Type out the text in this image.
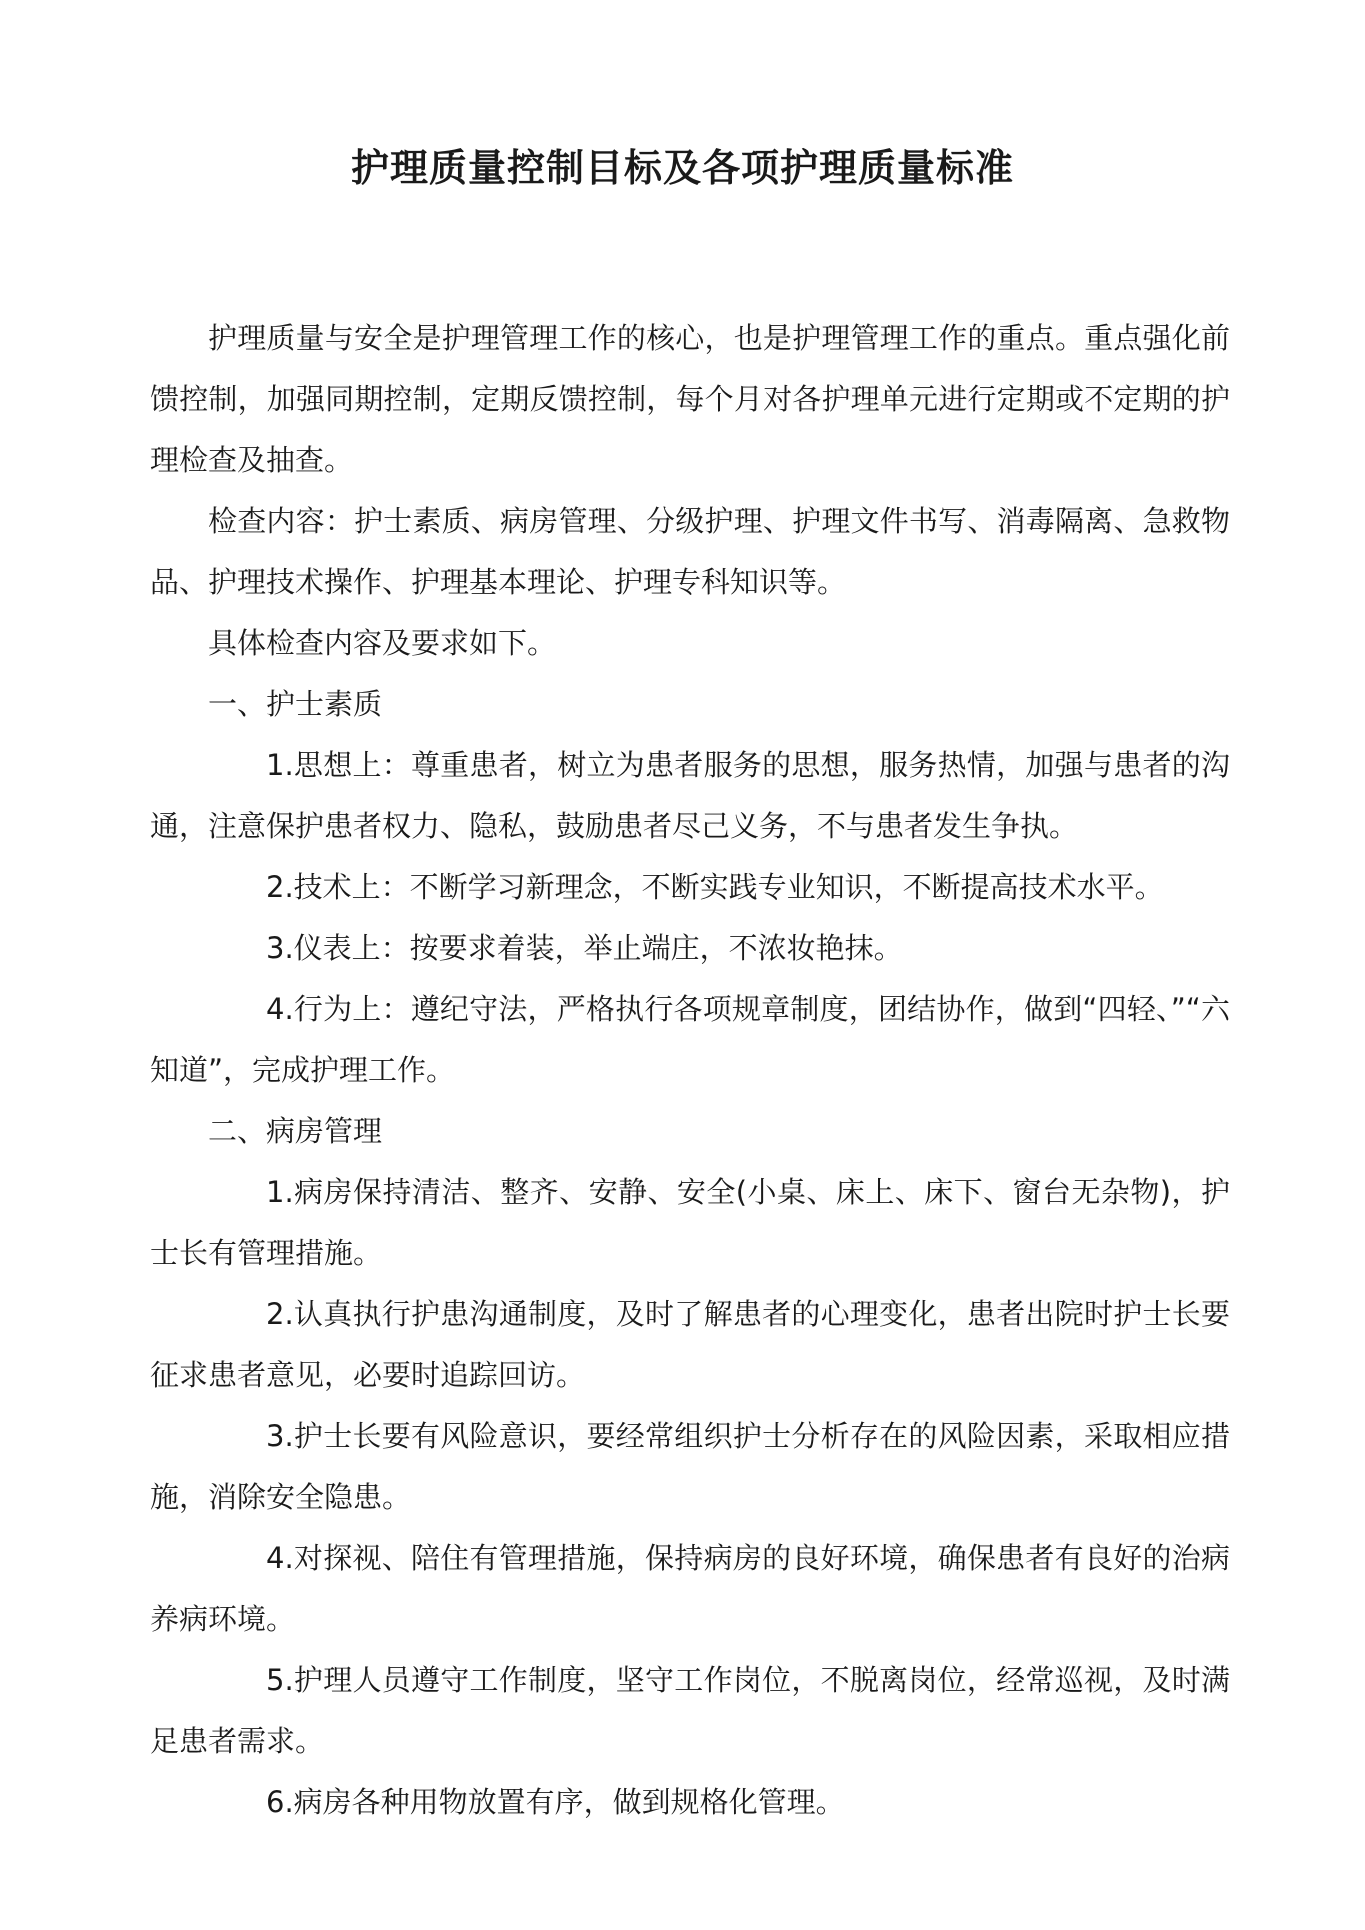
护理质量控制目标及各项护理质量标准

护理质量与安全是护理管理工作的核心，也是护理管理工作的重点。重点强化前馈控制，加强同期控制，定期反馈控制，每个月对各护理单元进行定期或不定期的护理检查及抽查。

检查内容：护士素质、病房管理、分级护理、护理文件书写、消毒隔离、急救物品、护理技术操作、护理基本理论、护理专科知识等。

具体检查内容及要求如下。

一、护士素质

1.思想上：尊重患者，树立为患者服务的思想，服务热情，加强与患者的沟通，注意保护患者权力、隐私，鼓励患者尽己义务，不与患者发生争执。

2.技术上：不断学习新理念，不断实践专业知识，不断提高技术水平。

3.仪表上：按要求着装，举止端庄，不浓妆艳抹。

4.行为上：遵纪守法，严格执行各项规章制度，团结协作，做到“四轻、”“六知道”，完成护理工作。

二、病房管理

1.病房保持清洁、整齐、安静、安全(小桌、床上、床下、窗台无杂物)，护士长有管理措施。

2.认真执行护患沟通制度，及时了解患者的心理变化，患者出院时护士长要征求患者意见，必要时追踪回访。

3.护士长要有风险意识，要经常组织护士分析存在的风险因素，采取相应措施，消除安全隐患。

4.对探视、陪住有管理措施，保持病房的良好环境，确保患者有良好的治病养病环境。

5.护理人员遵守工作制度，坚守工作岗位，不脱离岗位，经常巡视，及时满足患者需求。

6.病房各种用物放置有序，做到规格化管理。
